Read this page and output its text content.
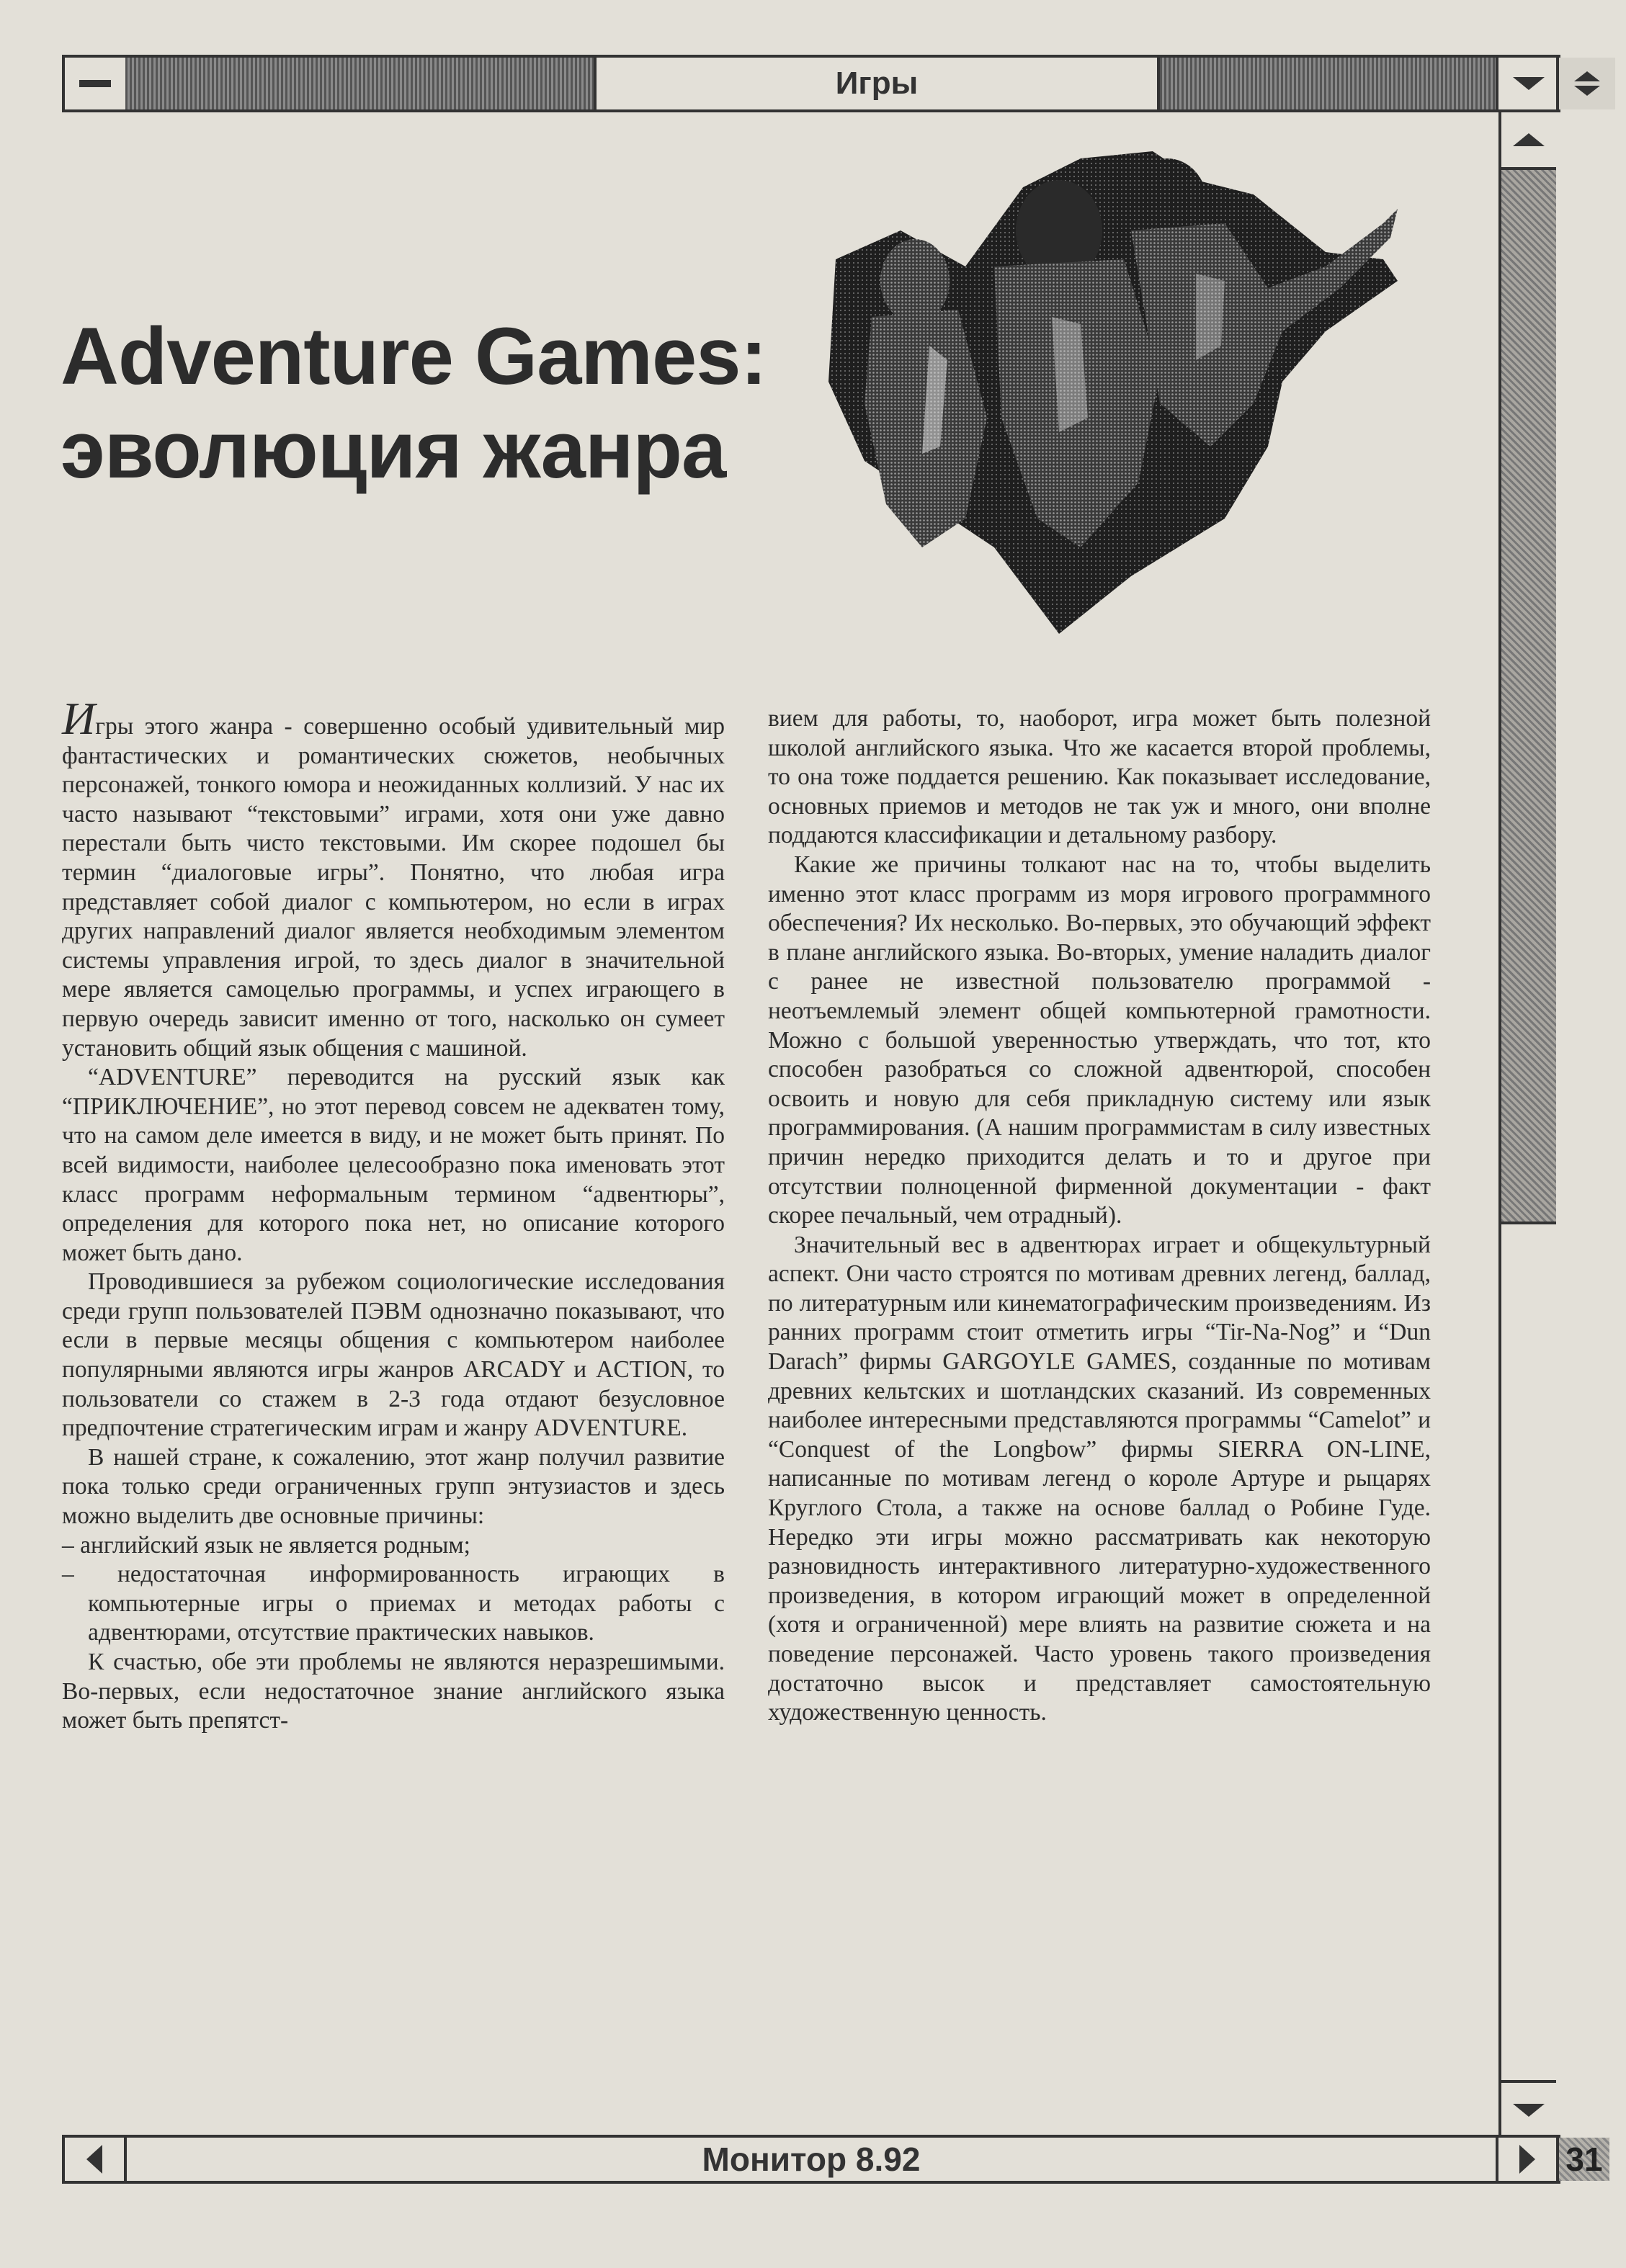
Игры
Монитор 8.92	31
Adventure Games:
эволюция жанра

Игры этого жанра - совершенно особый удивительный мир фантастических и романтических сюжетов, необычных персонажей, тонкого юмора и неожиданных коллизий. У нас их часто называют “текстовыми” играми, хотя они уже давно перестали быть чисто текстовыми. Им скорее подошел бы термин “диалоговые игры”. Понятно, что любая игра представляет собой диалог с компьютером, но если в играх других направлений диалог является необходимым элементом системы управления игрой, то здесь диалог в значительной мере является самоцелью программы, и успех играющего в первую очередь зависит именно от того, насколько он сумеет установить общий язык общения с машиной.

“ADVENTURE” переводится на русский язык как “ПРИКЛЮЧЕНИЕ”, но этот перевод совсем не адекватен тому, что на самом деле имеется в виду, и не может быть принят. По всей видимости, наиболее целесообразно пока именовать этот класс программ неформальным термином “адвентюры”, определения для которого пока нет, но описание которого может быть дано.

Проводившиеся за рубежом социологические исследования среди групп пользователей ПЭВМ однозначно показывают, что если в первые месяцы общения с компьютером наиболее популярными являются игры жанров ARCADY и ACTION, то пользователи со стажем в 2-3 года отдают безусловное предпочтение стратегическим играм и жанру ADVENTURE.

В нашей стране, к сожалению, этот жанр получил развитие пока только среди ограниченных групп энтузиастов и здесь можно выделить две основные причины:

– английский язык не является родным;
– недостаточная информированность играющих в компьютерные игры о приемах и методах работы с адвентюрами, отсутствие практических навыков.

К счастью, обе эти проблемы не являются неразрешимыми. Во-первых, если недостаточное знание английского языка может быть препятст-

вием для работы, то, наоборот, игра может быть полезной школой английского языка. Что же касается второй проблемы, то она тоже поддается решению. Как показывает исследование, основных приемов и методов не так уж и много, они вполне поддаются классификации и детальному разбору.

Какие же причины толкают нас на то, чтобы выделить именно этот класс программ из моря игрового программного обеспечения? Их несколько. Во-первых, это обучающий эффект в плане английского языка. Во-вторых, умение наладить диалог с ранее не известной пользователю программой - неотъемлемый элемент общей компьютерной грамотности. Можно с большой уверенностью утверждать, что тот, кто способен разобраться со сложной адвентюрой, способен освоить и новую для себя прикладную систему или язык программирования. (А нашим программистам в силу известных причин нередко приходится делать и то и другое при отсутствии полноценной фирменной документации - факт скорее печальный, чем отрадный).

Значительный вес в адвентюрах играет и общекультурный аспект. Они часто строятся по мотивам древних легенд, баллад, по литературным или кинематографическим произведениям. Из ранних программ стоит отметить игры “Tir-Na-Nog” и “Dun Darach” фирмы GARGOYLE GAMES, созданные по мотивам древних кельтских и шотландских сказаний. Из современных наиболее интересными представляются программы “Camelot” и “Conquest of the Longbow” фирмы SIERRA ON-LINE, написанные по мотивам легенд о короле Артуре и рыцарях Круглого Стола, а также на основе баллад о Робине Гуде. Нередко эти игры можно рассматривать как некоторую разновидность интерактивного литературно-художественного произведения, в котором играющий может в определенной (хотя и ограниченной) мере влиять на развитие сюжета и на поведение персонажей. Часто уровень такого произведения достаточно высок и представляет самостоятельную художественную ценность.
